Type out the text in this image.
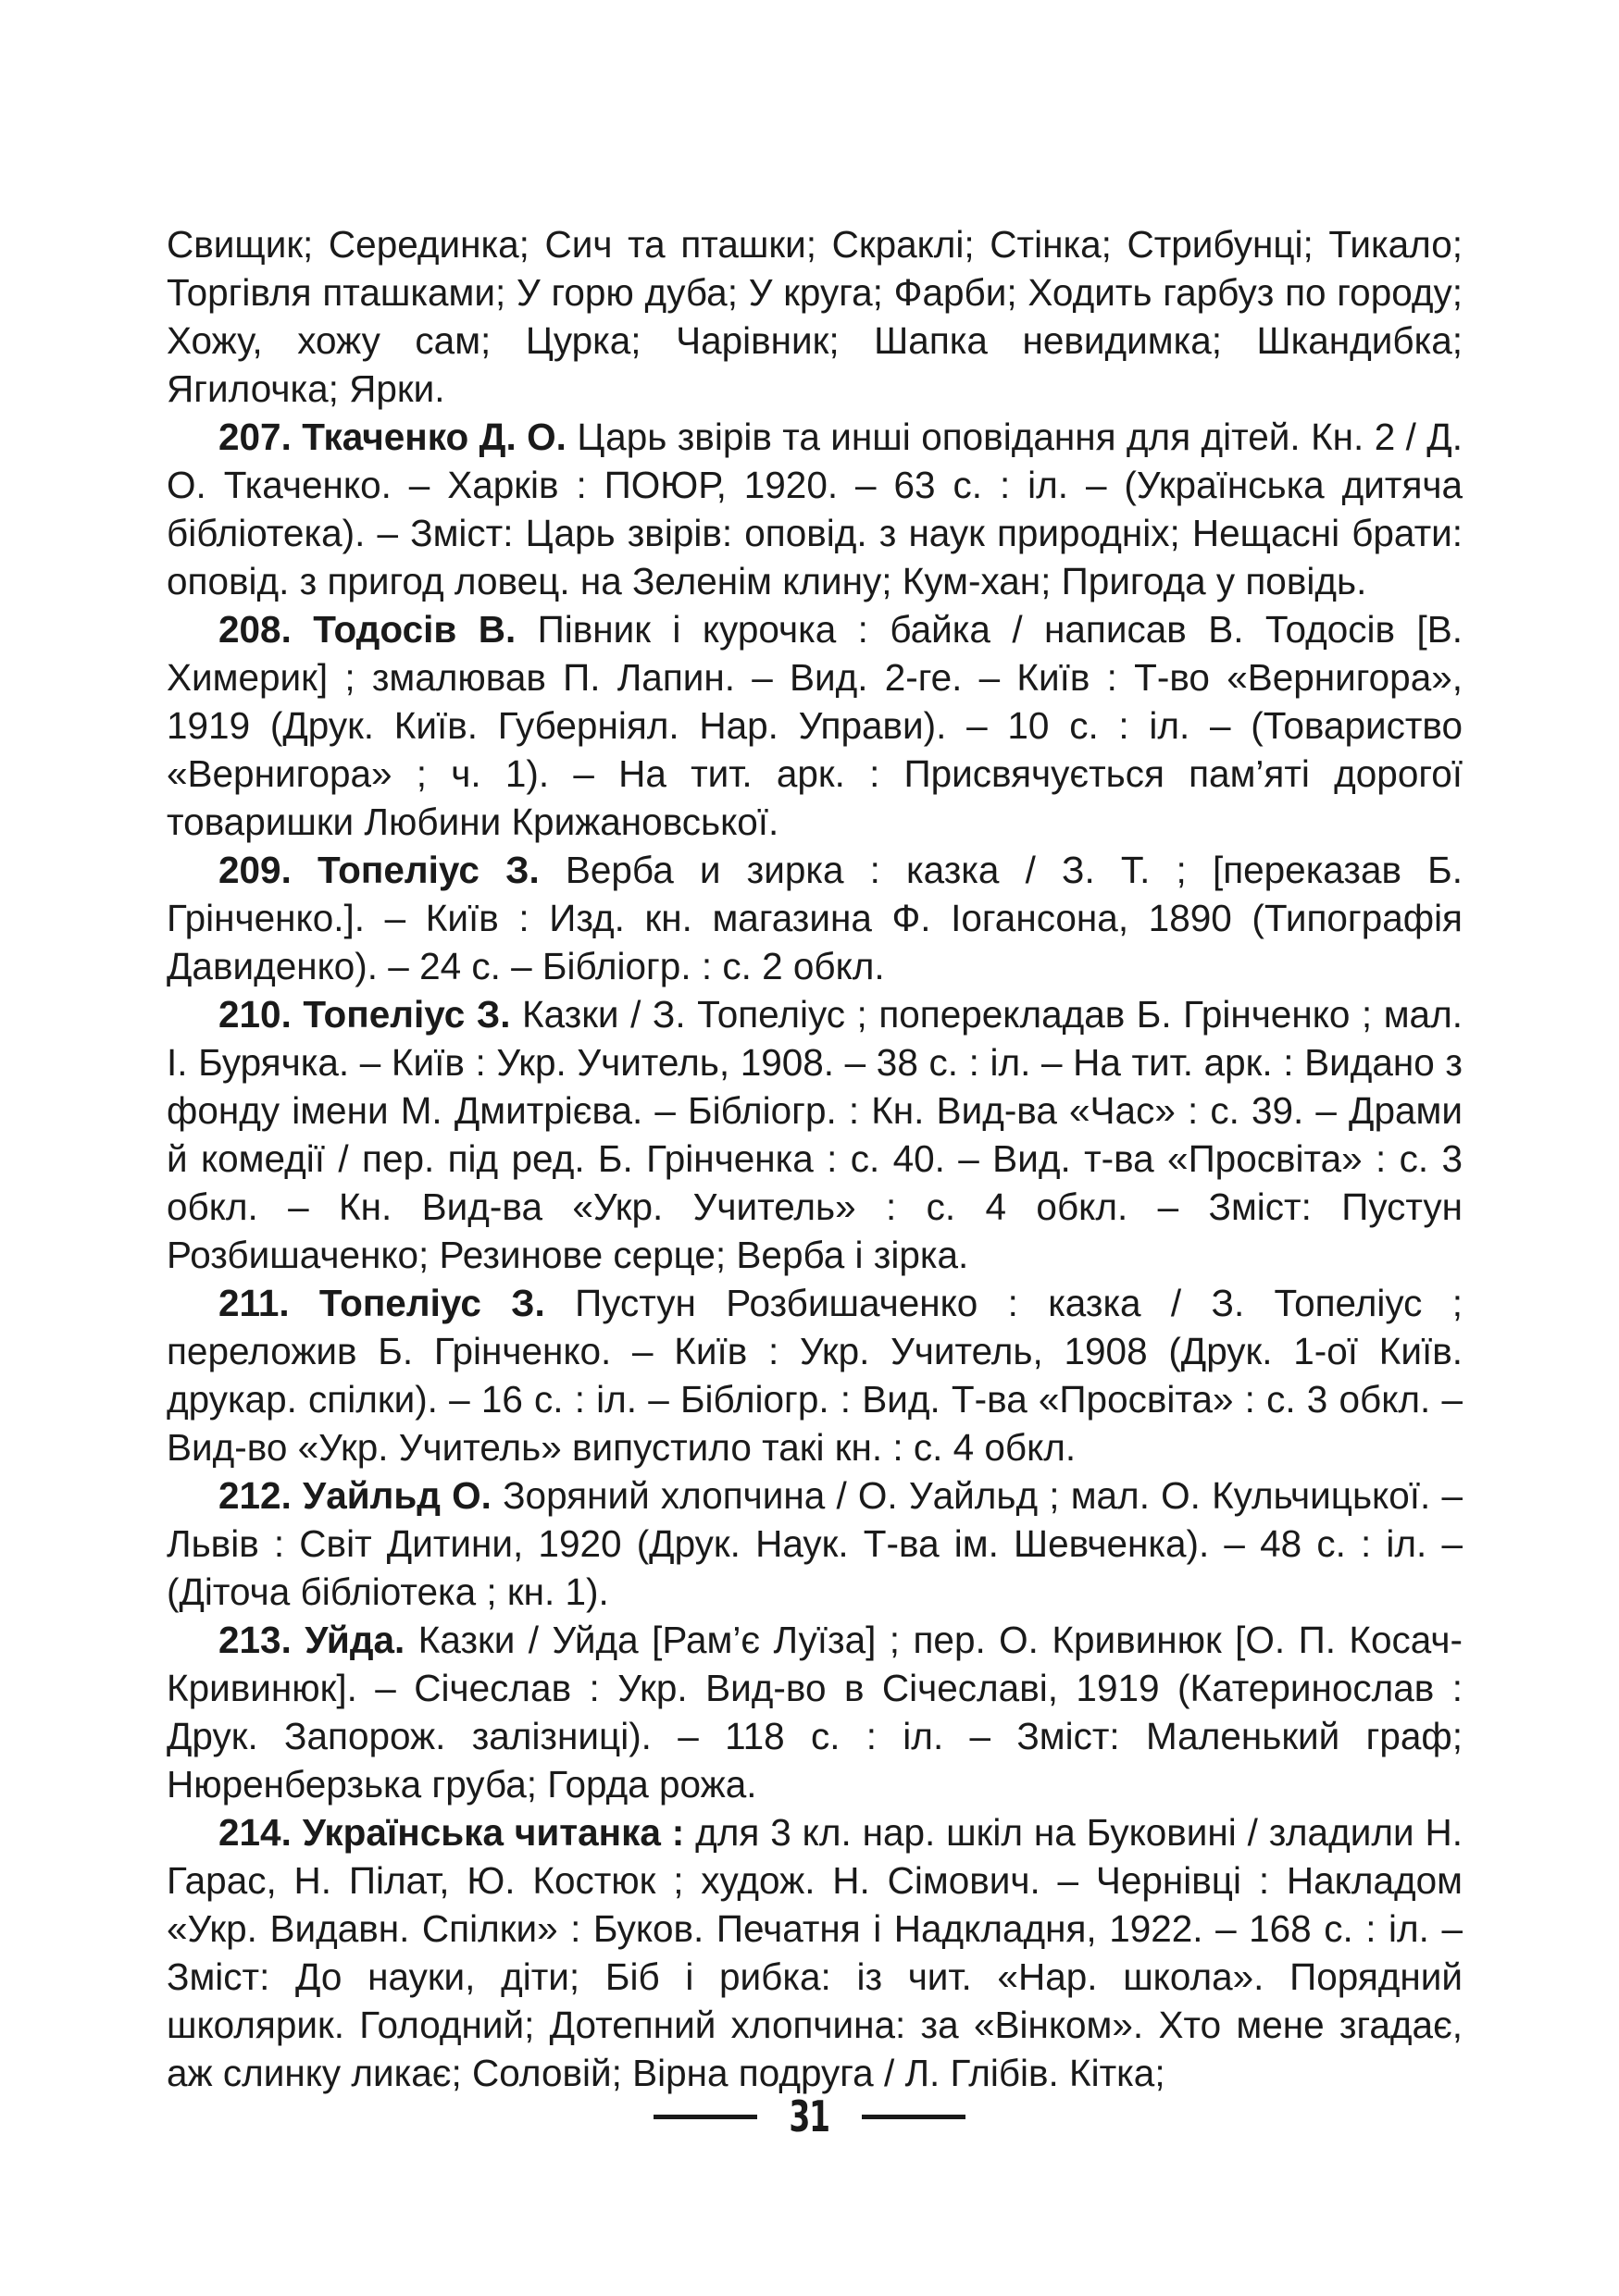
Свищик; Серединка; Сич та пташки; Скраклі; Стінка; Стрибунці; Тикало; Торгівля пташками; У горю дуба; У круга; Фарби; Ходить гарбуз по городу; Хожу, хожу сам; Цурка; Чарівник; Шапка невидимка; Шкандибка; Ягилочка; Ярки.

207. Ткаченко Д. О. Царь звірів та инші оповідання для дітей. Кн. 2 / Д. О. Ткаченко. – Харків : ПОЮР, 1920. – 63 с. : іл. – (Українська дитяча бібліотека). – Зміст: Царь звірів: оповід. з наук природніх; Нещасні брати: оповід. з пригод ловец. на Зеленім клину; Кум-хан; Пригода у повідь.

208. Тодосів В. Півник і курочка : байка / написав В. Тодосів [В. Химерик] ; змалював П. Лапин. – Вид. 2-ге. – Київ : Т-во «Вернигора», 1919 (Друк. Київ. Губерніял. Нар. Управи). – 10 с. : іл. – (Товариство «Вернигора» ; ч. 1). – На тит. арк. : Присвячується пам’яті дорогої товаришки Любини Крижановської.

209. Топеліус З. Верба и зирка : казка / З. Т. ; [переказав Б. Грінченко.]. – Київ : Изд. кн. магазина Ф. Іогансона, 1890 (Типографія Давиденко). – 24 с. – Бібліогр. : с. 2 обкл.

210. Топеліус З. Казки / З. Топеліус ; поперекладав Б. Грінченко ; мал. І. Бурячка. – Київ : Укр. Учитель, 1908. – 38 с. : іл. – На тит. арк. : Видано з фонду імени М. Дмитрієва. – Бібліогр. : Кн. Вид-ва «Час» : с. 39. – Драми й комедії / пер. під ред. Б. Грінченка : с. 40. – Вид. т-ва «Просвіта» : с. 3 обкл. – Кн. Вид-ва «Укр. Учитель» : с. 4 обкл. – Зміст: Пустун Розбишаченко; Резинове серце; Верба і зірка.

211. Топеліус З. Пустун Розбишаченко : казка / З. Топеліус ; переложив Б. Грінченко. – Київ : Укр. Учитель, 1908 (Друк. 1-ої Київ. друкар. спілки). – 16 с. : іл. – Бібліогр. : Вид. Т-ва «Просвіта» : с. 3 обкл. – Вид-во «Укр. Учитель» випустило такі кн. : с. 4 обкл.

212. Уайльд О. Зоряний хлопчина / О. Уайльд ; мал. О. Кульчицької. – Львів : Світ Дитини, 1920 (Друк. Наук. Т-ва ім. Шевченка). – 48 с. : іл. – (Діточа бібліотека ; кн. 1).

213. Уйда. Казки / Уйда [Рам’є Луїза] ; пер. О. Кривинюк [О. П. Косач-Кривинюк]. – Січеслав : Укр. Вид-во в Січеславі, 1919 (Катеринослав : Друк. Запорож. залізниці). – 118 с. : іл. – Зміст: Маленький граф; Нюренберзька груба; Горда рожа.

214. Українська читанка : для 3 кл. нар. шкіл на Буковині / зладили Н. Гарас, Н. Пілат, Ю. Костюк ; худож. Н. Сімович. – Чернівці : Накладом «Укр. Видавн. Спілки» : Буков. Печатня і Надкладня, 1922. – 168 с. : іл. – Зміст: До науки, діти; Біб і рибка: із чит. «Нар. школа». Порядний школярик. Голодний; Дотепний хлопчина: за «Вінком». Хто мене згадає, аж слинку ликає; Соловій; Вірна подруга / Л. Глібів. Кітка;

31
